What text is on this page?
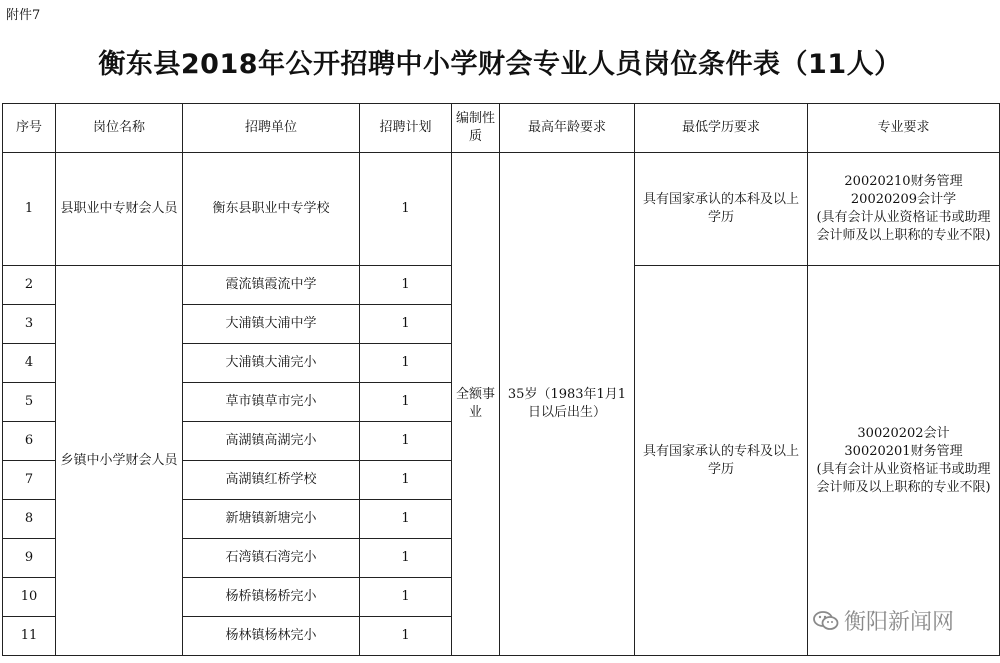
附件7
衡东县2018年公开招聘中小学财会专业人员岗位条件表（11人）
序号	岗位名称	招聘单位	招聘计划	编制性质	最高年龄要求	最低学历要求	专业要求
1	县职业中专财会人员	衡东县职业中专学校	1	全额事业	35岁（1983年1月1日以后出生）	具有国家承认的本科及以上学历	20020210财务管理
20020209会计学
(具有会计从业资格证书或助理会计师及以上职称的专业不限)
2	乡镇中小学财会人员	霞流镇霞流中学	1			具有国家承认的专科及以上学历	30020202会计
30020201财务管理
(具有会计从业资格证书或助理会计师及以上职称的专业不限)
3		大浦镇大浦中学	1				
4		大浦镇大浦完小	1				
5		草市镇草市完小	1				
6		高湖镇高湖完小	1				
7		高湖镇红桥学校	1				
8		新塘镇新塘完小	1				
9		石湾镇石湾完小	1				
10		杨桥镇杨桥完小	1				
11		杨林镇杨林完小	1				
衡阳新闻网
